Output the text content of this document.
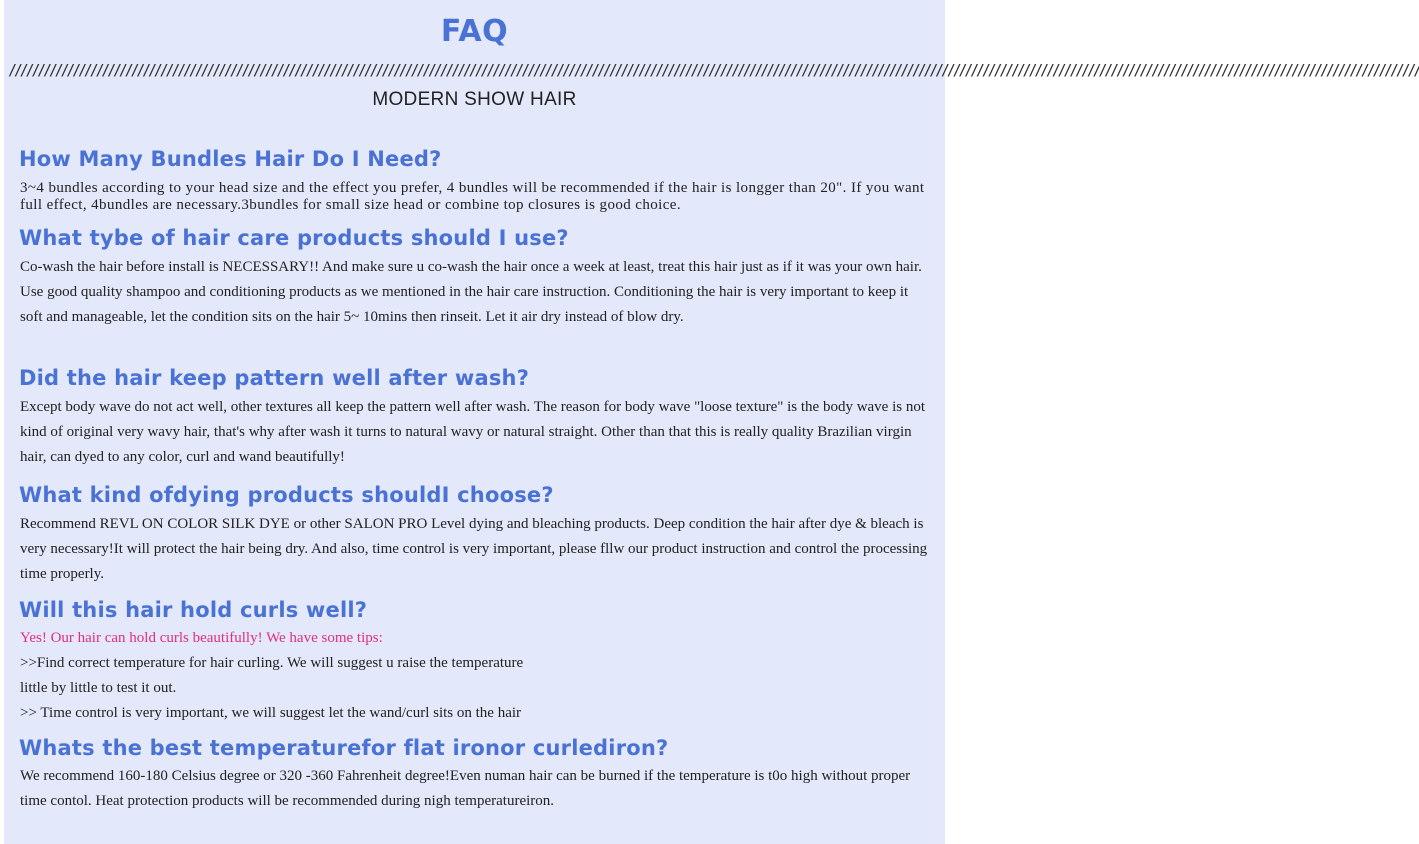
FAQ
//////////////////////////////////////////////////////////////////////////////////////////////////////////////////////////////////////////////////////////////////////////////////////////////////////////////////////////////////////////////////
MODERN SHOW HAIR
How Many Bundles Hair Do I Need?
3~4 bundles according to your head size and the effect you prefer, 4 bundles will be recommended if the hair is longger than 20". If you want full effect, 4bundles are necessary.3bundles for small size head or combine top closures is good choice.
What tybe of hair care products should I use?
Co-wash the hair before install is NECESSARY!! And make sure u co-wash the hair once a week at least, treat this hair just as if it was your own hair. Use good quality shampoo and conditioning products as we mentioned in the hair care instruction. Conditioning the hair is very important to keep it soft and manageable, let the condition sits on the hair 5~ 10mins then rinseit. Let it air dry instead of blow dry.
Did the hair keep pattern well after wash?
Except body wave do not act well, other textures all keep the pattern well after wash. The reason for body wave "loose texture" is the body wave is not kind of original very wavy hair, that's why after wash it turns to natural wavy or natural straight. Other than that this is really quality Brazilian virgin hair, can dyed to any color, curl and wand beautifully!
What kind ofdying products shouldI choose?
Recommend REVL ON COLOR SILK DYE or other SALON PRO Level dying and bleaching products. Deep condition the hair after dye & bleach is very necessary!It will protect the hair being dry. And also, time control is very important, please fllw our product instruction and control the processing time properly.
Will this hair hold curls well?
Yes! Our hair can hold curls beautifully! We have some tips:
>>Find correct temperature for hair curling. We will suggest u raise the temperature
little by little to test it out.
>> Time control is very important, we will suggest let the wand/curl sits on the hair
Whats the best temperaturefor flat ironor curlediron?
We recommend 160-180 Celsius degree or 320 -360 Fahrenheit degree!Even numan hair can be burned if the temperature is t0o high without proper time contol. Heat protection products will be recommended during nigh temperatureiron.
